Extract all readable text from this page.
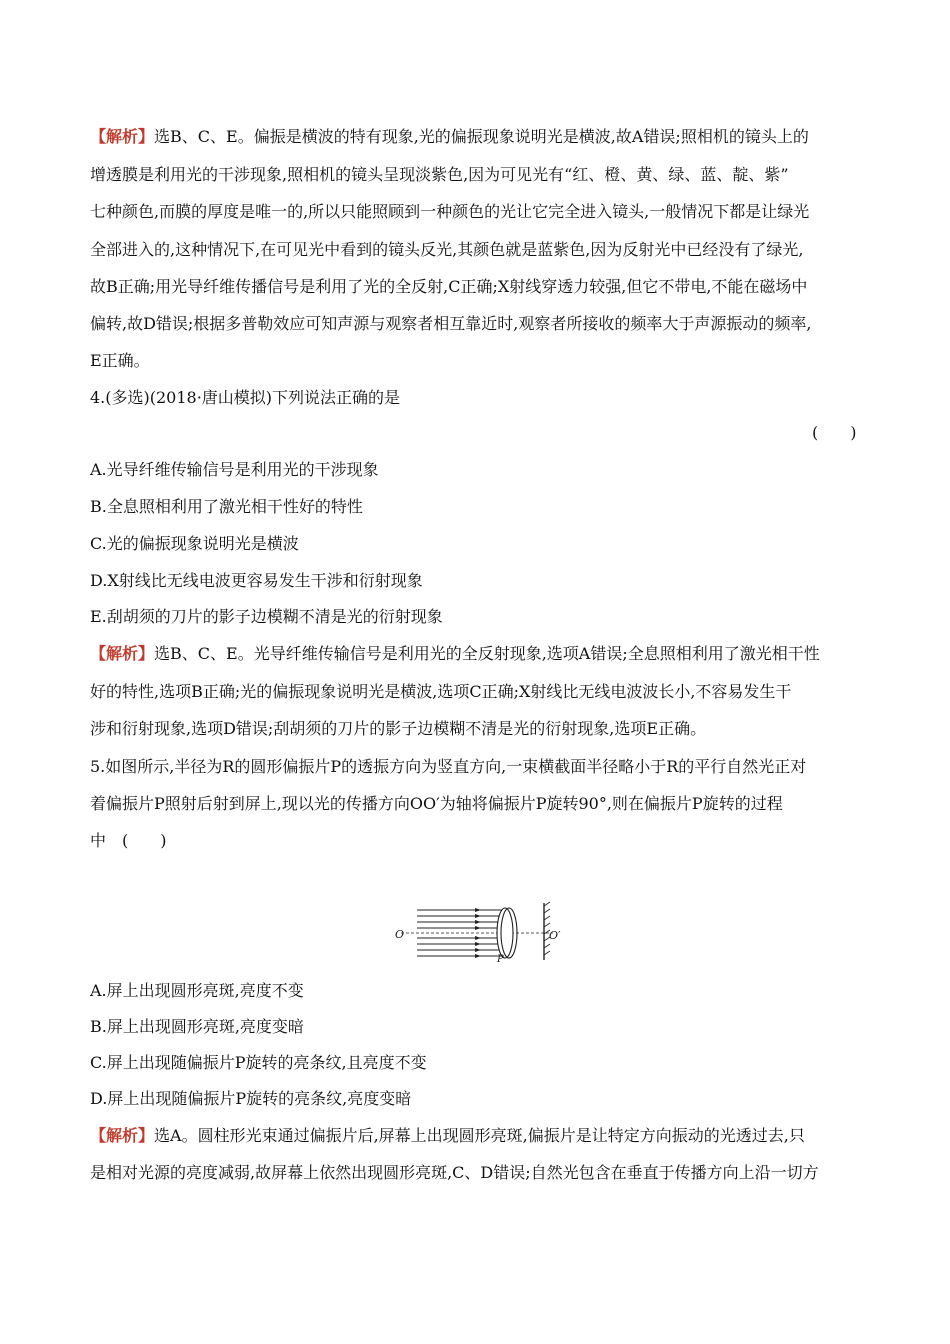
【解析】选B、C、E。偏振是横波的特有现象,光的偏振现象说明光是横波,故A错误;照相机的镜头上的
增透膜是利用光的干涉现象,照相机的镜头呈现淡紫色,因为可见光有“红、橙、黄、绿、蓝、靛、紫”
七种颜色,而膜的厚度是唯一的,所以只能照顾到一种颜色的光让它完全进入镜头,一般情况下都是让绿光
全部进入的,这种情况下,在可见光中看到的镜头反光,其颜色就是蓝紫色,因为反射光中已经没有了绿光,
故B正确;用光导纤维传播信号是利用了光的全反射,C正确;X射线穿透力较强,但它不带电,不能在磁场中
偏转,故D错误;根据多普勒效应可知声源与观察者相互靠近时,观察者所接收的频率大于声源振动的频率,
E正确。
4.(多选)(2018·唐山模拟)下列说法正确的是
(　　)
A.光导纤维传输信号是利用光的干涉现象
B.全息照相利用了激光相干性好的特性
C.光的偏振现象说明光是横波
D.X射线比无线电波更容易发生干涉和衍射现象
E.刮胡须的刀片的影子边模糊不清是光的衍射现象
【解析】选B、C、E。光导纤维传输信号是利用光的全反射现象,选项A错误;全息照相利用了激光相干性
好的特性,选项B正确;光的偏振现象说明光是横波,选项C正确;X射线比无线电波波长小,不容易发生干
涉和衍射现象,选项D错误;刮胡须的刀片的影子边模糊不清是光的衍射现象,选项E正确。
5.如图所示,半径为R的圆形偏振片P的透振方向为竖直方向,一束横截面半径略小于R的平行自然光正对
着偏振片P照射后射到屏上,现以光的传播方向OO′为轴将偏振片P旋转90°,则在偏振片P旋转的过程
中　(　　)
O	O′
P
A.屏上出现圆形亮斑,亮度不变
B.屏上出现圆形亮斑,亮度变暗
C.屏上出现随偏振片P旋转的亮条纹,且亮度不变
D.屏上出现随偏振片P旋转的亮条纹,亮度变暗
【解析】选A。圆柱形光束通过偏振片后,屏幕上出现圆形亮斑,偏振片是让特定方向振动的光透过去,只
是相对光源的亮度减弱,故屏幕上依然出现圆形亮斑,C、D错误;自然光包含在垂直于传播方向上沿一切方
